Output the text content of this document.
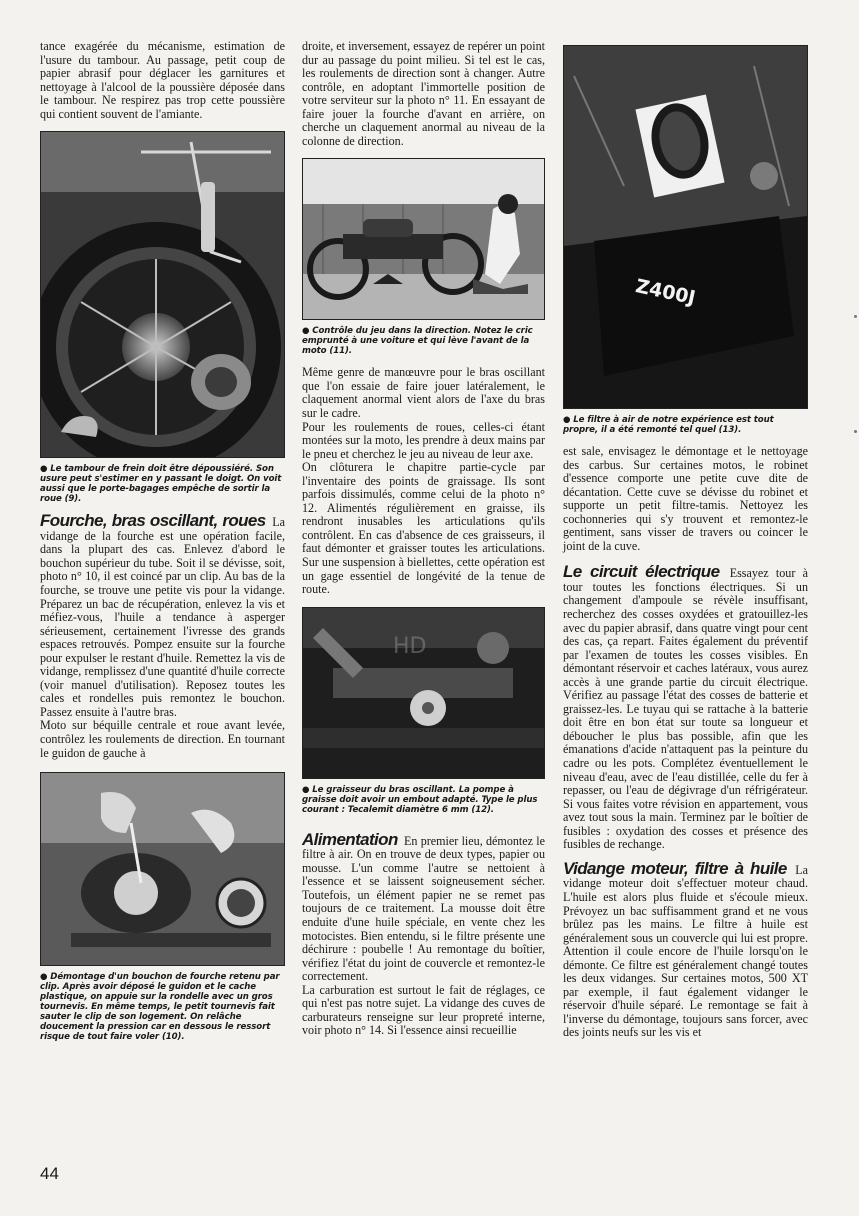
tance exagérée du mécanisme, estimation de l'usure du tambour. Au passage, petit coup de papier abrasif pour déglacer les garnitures et nettoyage à l'alcool de la poussière déposée dans le tambour. Ne respirez pas trop cette poussière qui contient souvent de l'amiante.

● Le tambour de frein doit être dépoussiéré. Son usure peut s'estimer en y passant le doigt. On voit aussi que le porte-bagages empêche de sortir la roue (9).

Fourche, bras oscillant, roues La vidange de la fourche est une opération facile, dans la plupart des cas. Enlevez d'abord le bouchon supérieur du tube. Soit il se dévisse, soit, photo n° 10, il est coincé par un clip. Au bas de la fourche, se trouve une petite vis pour la vidange. Préparez un bac de récupération, enlevez la vis et méfiez-vous, l'huile a tendance à asperger sérieusement, certainement l'ivresse des grands espaces retrouvés. Pompez ensuite sur la fourche pour expulser le restant d'huile. Remettez la vis de vidange, remplissez d'une quantité d'huile correcte (voir manuel d'utilisation). Reposez toutes les cales et rondelles puis remontez le bouchon. Passez ensuite à l'autre bras.

Moto sur béquille centrale et roue avant levée, contrôlez les roulements de direction. En tournant le guidon de gauche à

● Démontage d'un bouchon de fourche retenu par clip. Après avoir déposé le guidon et le cache plastique, on appuie sur la rondelle avec un gros tournevis. En même temps, le petit tournevis fait sauter le clip de son logement. On relâche doucement la pression car en dessous le ressort risque de tout faire voler (10).

droite, et inversement, essayez de repérer un point dur au passage du point milieu. Si tel est le cas, les roulements de direction sont à changer. Autre contrôle, en adoptant l'immortelle position de votre serviteur sur la photo n° 11. En essayant de faire jouer la fourche d'avant en arrière, on cherche un claquement anormal au niveau de la colonne de direction.

● Contrôle du jeu dans la direction. Notez le cric emprunté à une voiture et qui lève l'avant de la moto (11).

Même genre de manœuvre pour le bras oscillant que l'on essaie de faire jouer latéralement, le claquement anormal vient alors de l'axe du bras sur le cadre.

Pour les roulements de roues, celles-ci étant montées sur la moto, les prendre à deux mains par le pneu et cherchez le jeu au niveau de leur axe.

On clôturera le chapitre partie-cycle par l'inventaire des points de graissage. Ils sont parfois dissimulés, comme celui de la photo n° 12. Alimentés régulièrement en graisse, ils rendront inusables les articulations qu'ils contrôlent. En cas d'absence de ces graisseurs, il faut démonter et graisser toutes les articulations. Sur une suspension à biellettes, cette opération est un gage essentiel de longévité de la tenue de route.

HD

● Le graisseur du bras oscillant. La pompe à graisse doit avoir un embout adapté. Type le plus courant : Tecalemit diamètre 6 mm (12).

Alimentation En premier lieu, démontez le filtre à air. On en trouve de deux types, papier ou mousse. L'un comme l'autre se nettoient à l'essence et se laissent soigneusement sécher. Toutefois, un élément papier ne se remet pas toujours de ce traitement. La mousse doit être enduite d'une huile spéciale, en vente chez les motocistes. Bien entendu, si le filtre présente une déchirure : poubelle ! Au remontage du boîtier, vérifiez l'état du joint de couvercle et remontez-le correctement.

La carburation est surtout le fait de réglages, ce qui n'est pas notre sujet. La vidange des cuves de carburateurs renseigne sur leur propreté interne, voir photo n° 14. Si l'essence ainsi recueillie

Z400J

● Le filtre à air de notre expérience est tout propre, il a été remonté tel quel (13).

est sale, envisagez le démontage et le nettoyage des carbus. Sur certaines motos, le robinet d'essence comporte une petite cuve dite de décantation. Cette cuve se dévisse du robinet et supporte un petit filtre-tamis. Nettoyez les cochonneries qui s'y trouvent et remontez-le gentiment, sans visser de travers ou coincer le joint de la cuve.

Le circuit électrique Essayez tour à tour toutes les fonctions électriques. Si un changement d'ampoule se révèle insuffisant, recherchez des cosses oxydées et gratouillez-les avec du papier abrasif, dans quatre vingt pour cent des cas, ça repart. Faites également du préventif par l'examen de toutes les cosses visibles. En démontant réservoir et caches latéraux, vous aurez accès à une grande partie du circuit électrique. Vérifiez au passage l'état des cosses de batterie et graissez-les. Le tuyau qui se rattache à la batterie doit être en bon état sur toute sa longueur et déboucher le plus bas possible, afin que les émanations d'acide n'attaquent pas la peinture du cadre ou les pots. Complétez éventuellement le niveau d'eau, avec de l'eau distillée, celle du fer à repasser, ou l'eau de dégivrage d'un réfrigérateur. Si vous faites votre révision en appartement, vous avez tout sous la main. Terminez par le boîtier de fusibles : oxydation des cosses et présence des fusibles de rechange.

Vidange moteur, filtre à huile La vidange moteur doit s'effectuer moteur chaud. L'huile est alors plus fluide et s'écoule mieux. Prévoyez un bac suffisamment grand et ne vous brûlez pas les mains. Le filtre à huile est généralement sous un couvercle qui lui est propre. Attention il coule encore de l'huile lorsqu'on le démonte. Ce filtre est généralement changé toutes les deux vidanges. Sur certaines motos, 500 XT par exemple, il faut également vidanger le réservoir d'huile séparé. Le remontage se fait à l'inverse du démontage, toujours sans forcer, avec des joints neufs sur les vis et

44
